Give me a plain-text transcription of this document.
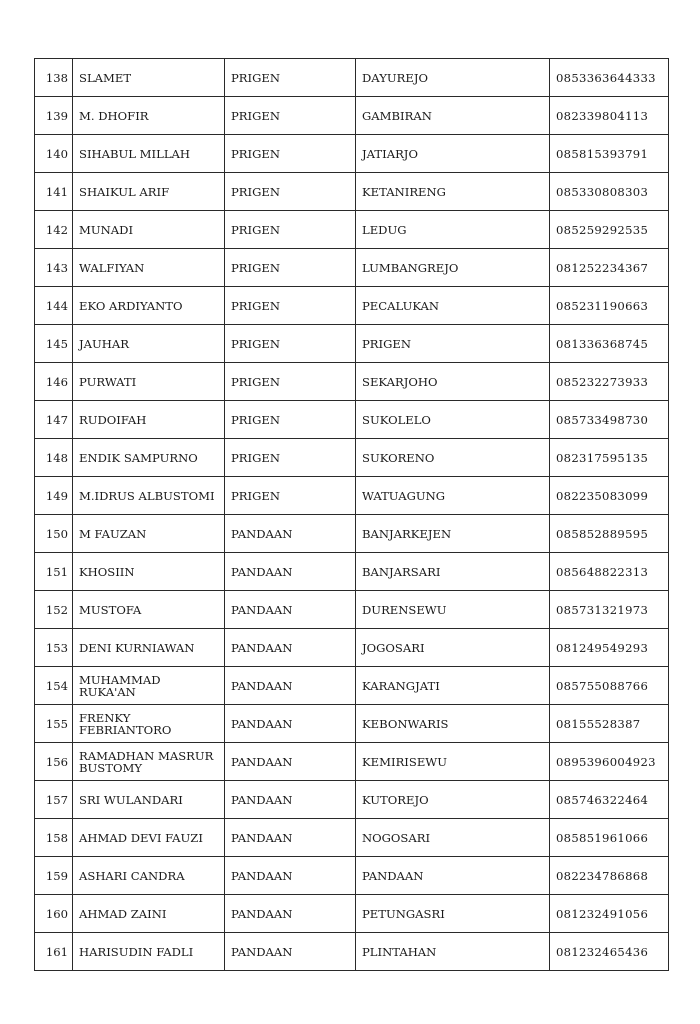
138	SLAMET	PRIGEN	DAYUREJO	0853363644333
139	M. DHOFIR	PRIGEN	GAMBIRAN	082339804113
140	SIHABUL MILLAH	PRIGEN	JATIARJO	085815393791
141	SHAIKUL ARIF	PRIGEN	KETANIRENG	085330808303
142	MUNADI	PRIGEN	LEDUG	085259292535
143	WALFIYAN	PRIGEN	LUMBANGREJO	081252234367
144	EKO ARDIYANTO	PRIGEN	PECALUKAN	085231190663
145	JAUHAR	PRIGEN	PRIGEN	081336368745
146	PURWATI	PRIGEN	SEKARJOHO	085232273933
147	RUDOIFAH	PRIGEN	SUKOLELO	085733498730
148	ENDIK SAMPURNO	PRIGEN	SUKORENO	082317595135
149	M.IDRUS ALBUSTOMI	PRIGEN	WATUAGUNG	082235083099
150	M FAUZAN	PANDAAN	BANJARKEJEN	085852889595
151	KHOSIIN	PANDAAN	BANJARSARI	085648822313
152	MUSTOFA	PANDAAN	DURENSEWU	085731321973
153	DENI KURNIAWAN	PANDAAN	JOGOSARI	081249549293
154	MUHAMMAD RUKA'AN	PANDAAN	KARANGJATI	085755088766
155	FRENKY FEBRIANTORO	PANDAAN	KEBONWARIS	08155528387
156	RAMADHAN MASRUR BUSTOMY	PANDAAN	KEMIRISEWU	0895396004923
157	SRI WULANDARI	PANDAAN	KUTOREJO	085746322464
158	AHMAD DEVI FAUZI	PANDAAN	NOGOSARI	085851961066
159	ASHARI CANDRA	PANDAAN	PANDAAN	082234786868
160	AHMAD ZAINI	PANDAAN	PETUNGASRI	081232491056
161	HARISUDIN FADLI	PANDAAN	PLINTAHAN	081232465436
